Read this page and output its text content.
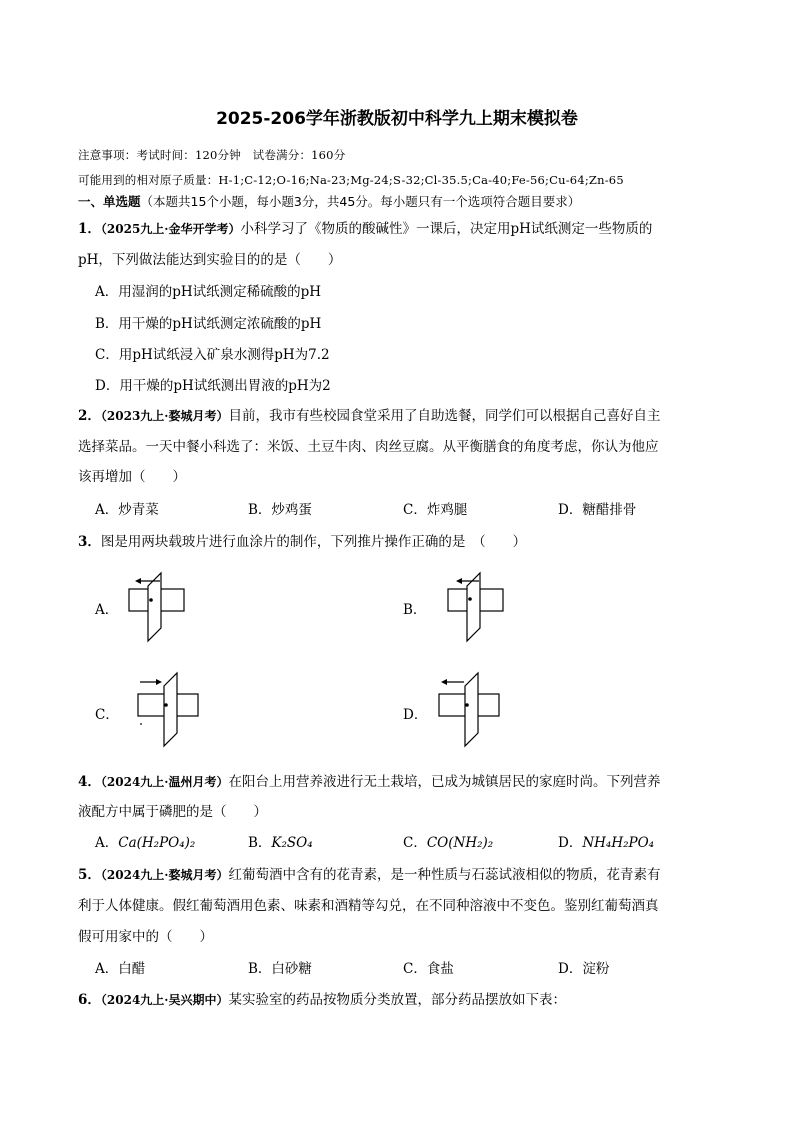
2025-206学年浙教版初中科学九上期末模拟卷
注意事项：考试时间：120分钟　试卷满分：160分
可能用到的相对原子质量：H-1;C-12;O-16;Na-23;Mg-24;S-32;Cl-35.5;Ca-40;Fe-56;Cu-64;Zn-65
一、单选题（本题共15个小题，每小题3分，共45分。每小题只有一个选项符合题目要求）
1．（2025九上·金华开学考）小科学习了《物质的酸碱性》一课后，决定用pH试纸测定一些物质的
pH，下列做法能达到实验目的的是（　　）
A．用湿润的pH试纸测定稀硫酸的pH
B．用干燥的pH试纸测定浓硫酸的pH
C．用pH试纸浸入矿泉水测得pH为7.2
D．用干燥的pH试纸测出胃液的pH为2
2．（2023九上·婺城月考）目前，我市有些校园食堂采用了自助选餐，同学们可以根据自己喜好自主
选择菜品。一天中餐小科选了：米饭、土豆牛肉、肉丝豆腐。从平衡膳食的角度考虑，你认为他应
该再增加（　　）
A．炒青菜	B．炒鸡蛋	C．炸鸡腿	D．糖醋排骨
3．图是用两块载玻片进行血涂片的制作，下列推片操作正确的是　（　　）
A．	B．
C．	D．
4．（2024九上·温州月考）在阳台上用营养液进行无土栽培，已成为城镇居民的家庭时尚。下列营养
液配方中属于磷肥的是（　　）
A．Ca(H₂PO₄)₂	B．K₂SO₄	C．CO(NH₂)₂	D．NH₄H₂PO₄
5．（2024九上·婺城月考）红葡萄酒中含有的花青素，是一种性质与石蕊试液相似的物质，花青素有
利于人体健康。假红葡萄酒用色素、味素和酒精等勾兑，在不同种溶液中不变色。鉴别红葡萄酒真
假可用家中的（　　）
A．白醋	B．白砂糖	C．食盐	D．淀粉
6．（2024九上·吴兴期中）某实验室的药品按物质分类放置，部分药品摆放如下表：
